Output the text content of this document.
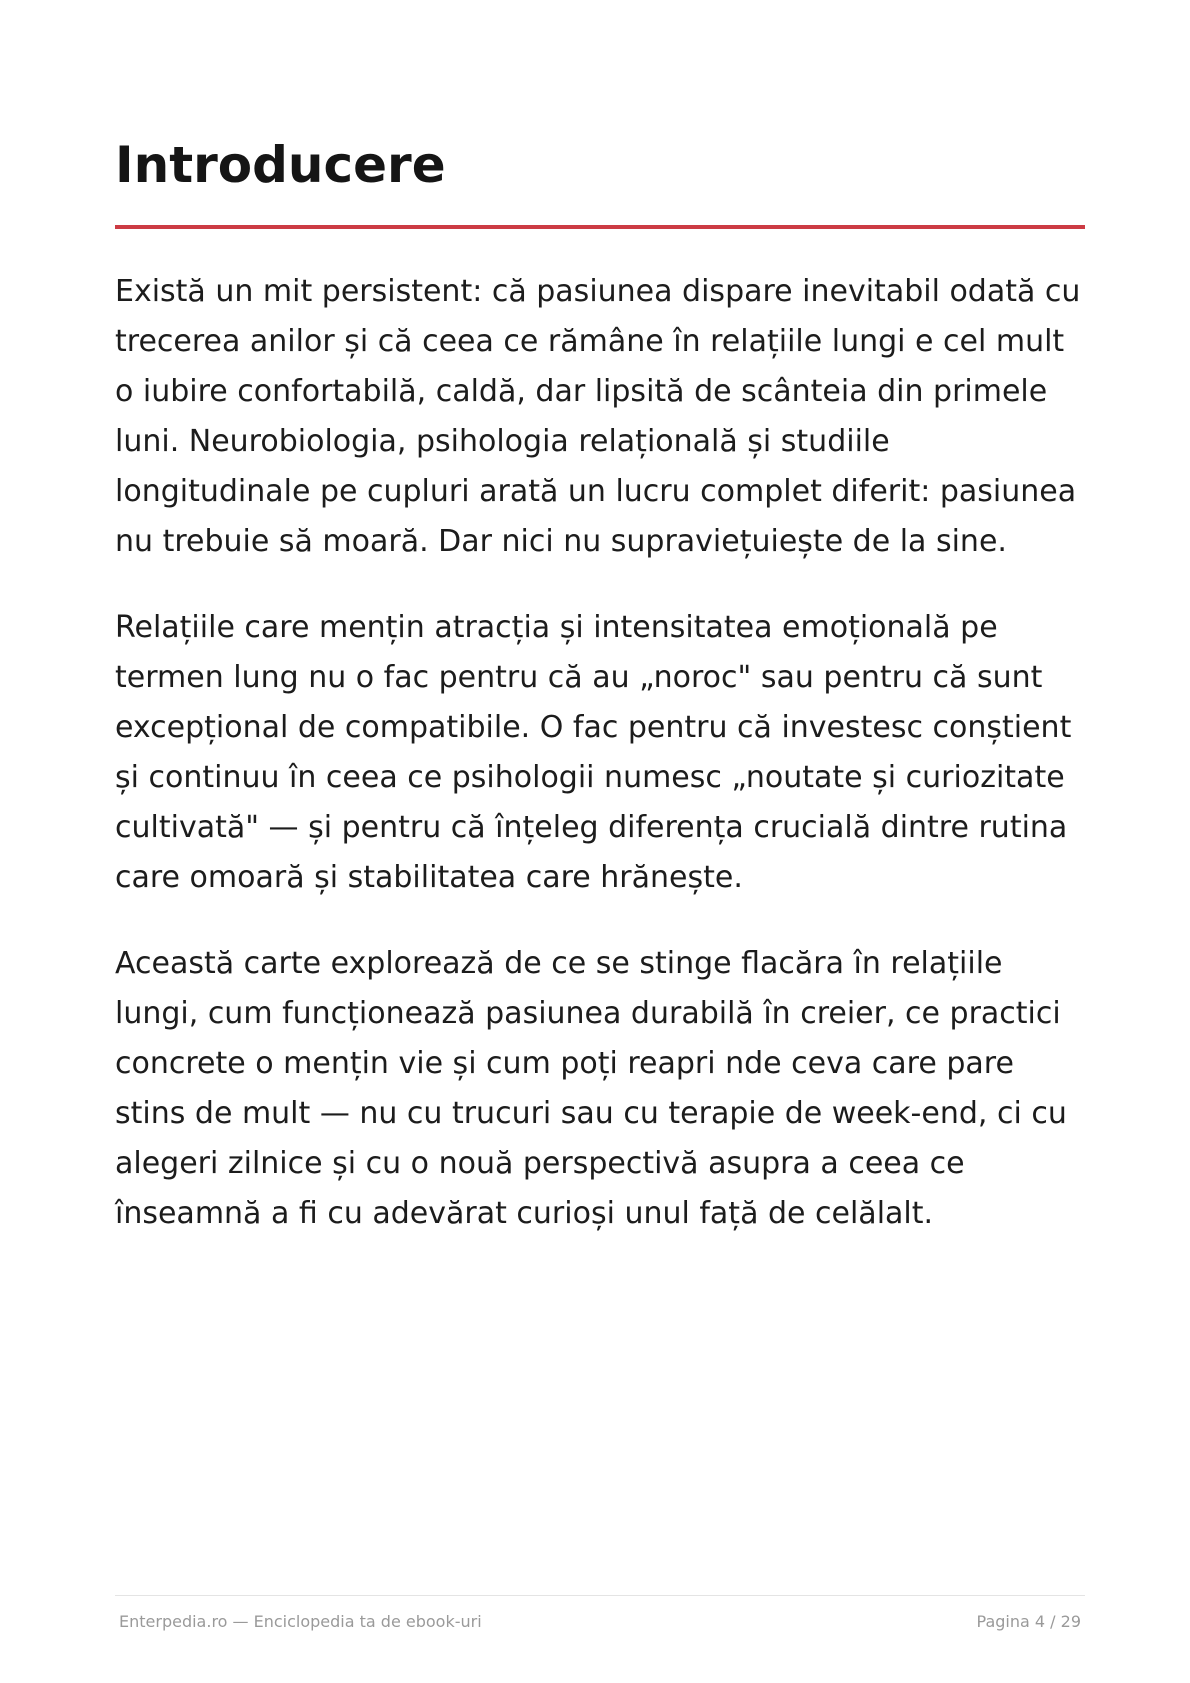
Introducere

Există un mit persistent: că pasiunea dispare inevitabil odată cu trecerea anilor și că ceea ce rămâne în relațiile lungi e cel mult o iubire confortabilă, caldă, dar lipsită de scânteia din primele luni. Neurobiologia, psihologia relațională și studiile longitudinale pe cupluri arată un lucru complet diferit: pasiunea nu trebuie să moară. Dar nici nu supraviețuiește de la sine.

Relațiile care mențin atracția și intensitatea emoțională pe termen lung nu o fac pentru că au „noroc" sau pentru că sunt excepțional de compatibile. O fac pentru că investesc conștient și continuu în ceea ce psihologii numesc „noutate și curiozitate cultivată" — și pentru că înțeleg diferența crucială dintre rutina care omoară și stabilitatea care hrănește.

Această carte explorează de ce se stinge flacăra în relațiile lungi, cum funcționează pasiunea durabilă în creier, ce practici concrete o mențin vie și cum poți reapri nde ceva care pare stins de mult — nu cu trucuri sau cu terapie de week-end, ci cu alegeri zilnice și cu o nouă perspectivă asupra a ceea ce înseamnă a fi cu adevărat curioși unul față de celălalt.

Enterpedia.ro — Enciclopedia ta de ebook-uri	Pagina 4 / 29
